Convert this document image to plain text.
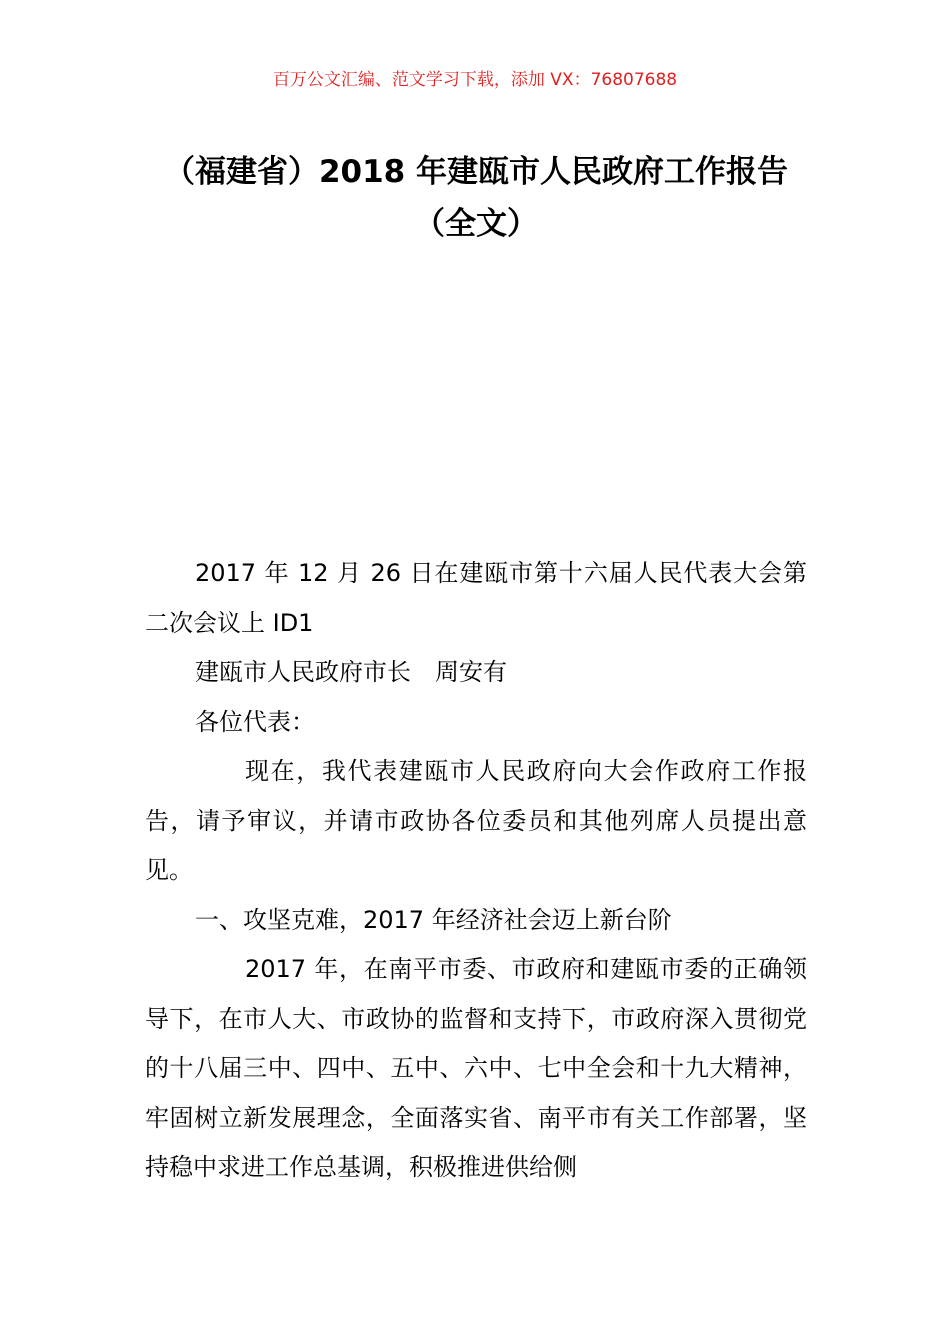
百万公文汇编、范文学习下载，添加 VX：76807688
（福建省）2018 年建瓯市人民政府工作报告（全文）

2017 年 12 月 26 日在建瓯市第十六届人民代表大会第二次会议上 ID1

建瓯市人民政府市长　周安有

各位代表：

现在，我代表建瓯市人民政府向大会作政府工作报告，请予审议，并请市政协各位委员和其他列席人员提出意见。

一、攻坚克难，2017 年经济社会迈上新台阶

2017 年，在南平市委、市政府和建瓯市委的正确领导下，在市人大、市政协的监督和支持下，市政府深入贯彻党的十八届三中、四中、五中、六中、七中全会和十九大精神，牢固树立新发展理念，全面落实省、南平市有关工作部署，坚持稳中求进工作总基调，积极推进供给侧
